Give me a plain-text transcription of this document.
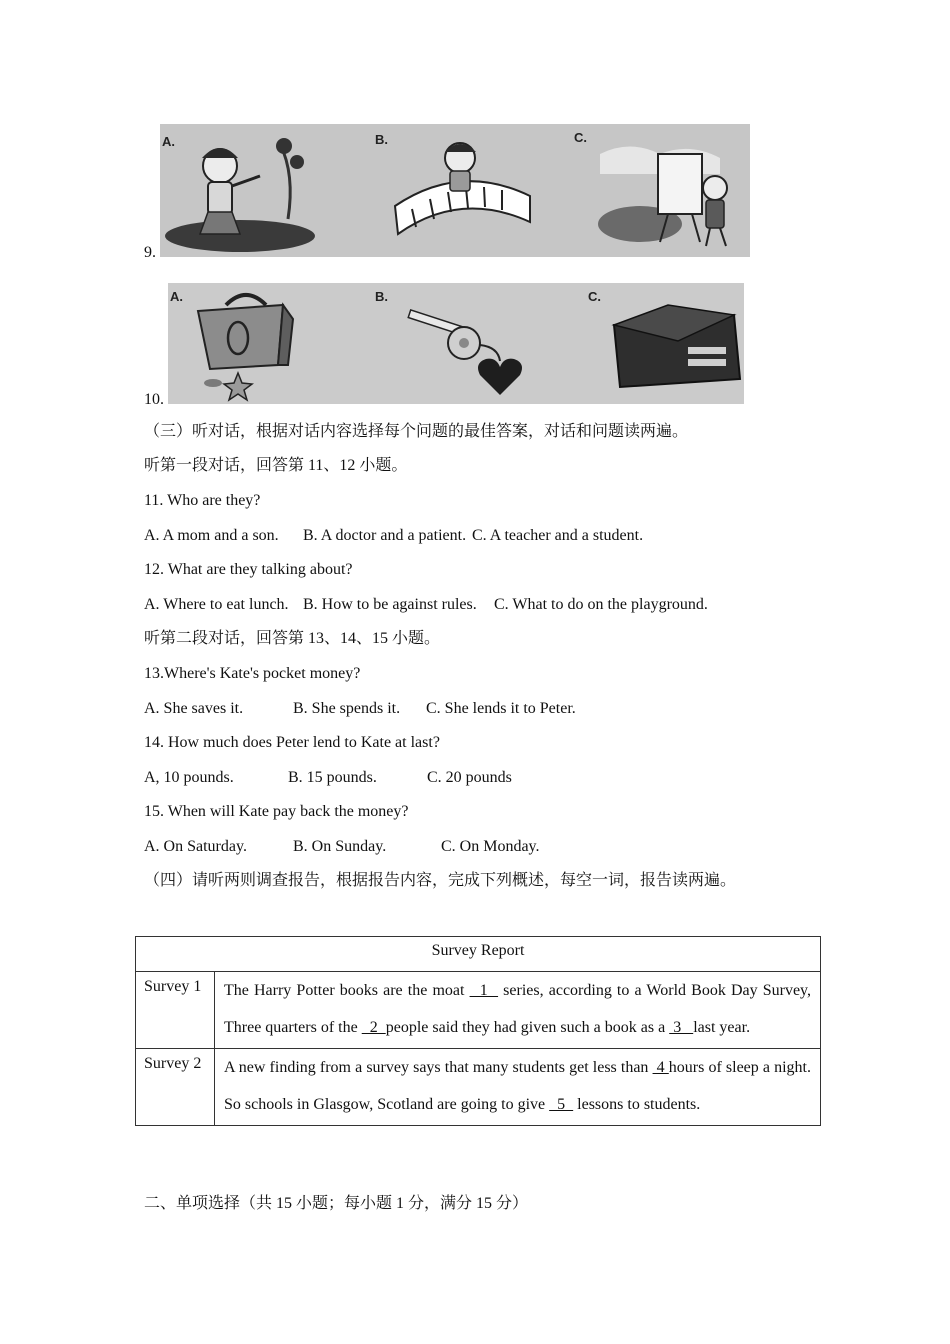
9.
A.	B.	C.
10.
A.	B.	C.
（三）听对话，根据对话内容选择每个问题的最佳答案，对话和问题读两遍。
听第一段对话，回答第 11、12 小题。
11. Who are they?
A. A mom and a son. B. A doctor and a patient. C. A teacher and a student.
12. What are they talking about?
A. Where to eat lunch. B. How to be against rules. C. What to do on the playground.
听第二段对话，回答第 13、14、15 小题。
13.Where's Kate's pocket money?
A. She saves it.	B. She spends it. C. She lends it to Peter.
14. How much does Peter lend to Kate at last?
A, 10 pounds.	B. 15 pounds.	C. 20 pounds
15. When will Kate pay back the money?
A. On Saturday.	B. On Sunday.	C. On Monday.
（四）请听两则调查报告，根据报告内容，完成下列概述，每空一词，报告读两遍。
Survey Report	
Survey 1	The Harry Potter books are the moat   1   series, according to a World Book Day Survey, Three quarters of the   2  people said they had given such a book as a  3   last year.
Survey 2	A new finding from a survey says that many students get less than  4 hours of sleep a night. So schools in Glasgow, Scotland are going to give   5   lessons to students.
二、单项选择（共 15 小题；每小题 1 分，满分 15 分）
